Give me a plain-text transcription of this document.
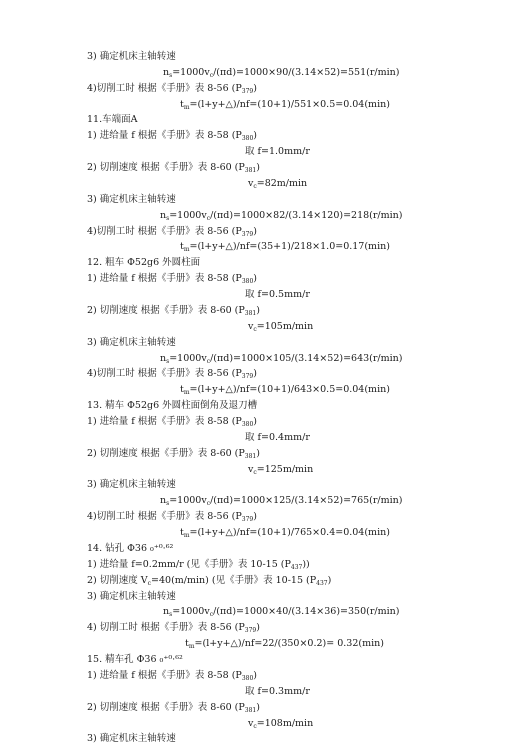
3) 确定机床主轴转速
$n_s=1000v_c/(\pi d)=1000\times 90/(3.14\times 52)=551(r/\min)$
4)切削工时 根据《手册》表 8-56 $(P_{379})$
$t_m=(l+y+\triangle)/nf=(10+1)/551\times 0.5=0.04(\min)$
11.车端面A
1) 进给量 f 根据《手册》表 8-58 $(P_{380})$
取 f=1.0mm/r
2) 切削速度 根据《手册》表 8-60 $(P_{381})$
$v_c=82m/\min$
3) 确定机床主轴转速
$n_s=1000v_c/(\pi d)=1000\times 82/(3.14\times 120)=218(r/\min)$
4)切削工时 根据《手册》表 8-56 $(P_{379})$
$t_m=(l+y+\triangle)/nf=(35+1)/218\times 1.0=0.17(\min)$
12. 粗车 Φ52g6 外圆柱面
1) 进给量 f 根据《手册》表 8-58 $(P_{380})$
取 f=0.5mm/r
2) 切削速度 根据《手册》表 8-60 $(P_{381})$
$v_c=105m/\min$
3) 确定机床主轴转速
$n_s=1000v_c/(\pi d)=1000\times 105/(3.14\times 52)=643(r/\min)$
4)切削工时 根据《手册》表 8-56 $(P_{379})$
$t_m=(l+y+\triangle)/nf=(10+1)/643\times 0.5=0.04(\min)$
13. 精车 Φ52g6 外圆柱面倒角及退刀槽
1) 进给量 f 根据《手册》表 8-58 $(P_{380})$
取 f=0.4mm/r
2) 切削速度 根据《手册》表 8-60 $(P_{381})$
$v_c=125m/\min$
3) 确定机床主轴转速
$n_s=1000v_c/(\pi d)=1000\times 125/(3.14\times 52)=765(r/\min)$
4)切削工时 根据《手册》表 8-56 $(P_{379})$
$t_m=(l+y+\triangle)/nf=(10+1)/765\times 0.4=0.04(\min)$
14. 钻孔 Φ36 ₀⁺⁰·⁶²
1) 进给量 f=0.2mm/r (见《手册》表 10-15 $(P_{437})$)
2) 切削速度 $V_c=40(m/\min)$ (见《手册》表 10-15 $(P_{437})$
3) 确定机床主轴转速
$n_s=1000v_c/(\pi d)=1000\times 40/(3.14\times 36)=350(r/\min)$
4) 切削工时 根据《手册》表 8-56 $(P_{379})$
$t_m=(l+y+\triangle)/nf=22/(350\times 0.2)= 0.32(\min)$
15. 精车孔 Φ36 ₀⁺⁰·⁶²
1) 进给量 f 根据《手册》表 8-58 $(P_{380})$
取 f=0.3mm/r
2) 切削速度 根据《手册》表 8-60 $(P_{381})$
$v_c=108m/\min$
3) 确定机床主轴转速
